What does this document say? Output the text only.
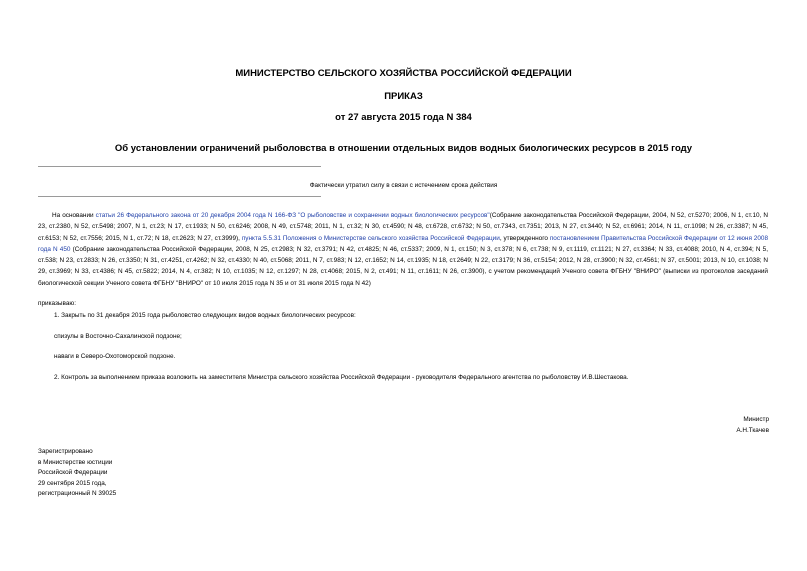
МИНИСТЕРСТВО СЕЛЬСКОГО ХОЗЯЙСТВА РОССИЙСКОЙ ФЕДЕРАЦИИ
ПРИКАЗ
от 27 августа 2015 года N 384
Об установлении ограничений рыболовства в отношении отдельных видов водных биологических ресурсов в 2015 году
Фактически утратил силу в связи с истечением срока действия
На основании статьи 26 Федерального закона от 20 декабря 2004 года N 166-ФЗ "О рыболовстве и сохранении водных биологических ресурсов"(Собрание законодательства Российской Федерации, 2004, N 52, ст.5270; 2006, N 1, ст.10, N 23, ст.2380, N 52, ст.5498; 2007, N 1, ст.23; N 17, ст.1933; N 50, ст.6246; 2008, N 49, ст.5748; 2011, N 1, ст.32; N 30, ст.4590; N 48, ст.6728, ст.6732; N 50, ст.7343, ст.7351; 2013, N 27, ст.3440; N 52, ст.6961; 2014, N 11, ст.1098; N 26, ст.3387; N 45, ст.6153; N 52, ст.7556; 2015, N 1, ст.72; N 18, ст.2623; N 27, ст.3999), пункта 5.5.31 Положения о Министерстве сельского хозяйства Российской Федерации, утвержденного постановлением Правительства Российской Федерации от 12 июня 2008 года N 450 (Собрание законодательства Российской Федерации, 2008, N 25, ст.2983; N 32, ст.3791; N 42, ст.4825; N 46, ст.5337; 2009, N 1, ст.150; N 3, ст.378; N 6, ст.738; N 9, ст.1119, ст.1121; N 27, ст.3364; N 33, ст.4088; 2010, N 4, ст.394; N 5, ст.538; N 23, ст.2833; N 26, ст.3350; N 31, ст.4251, ст.4262; N 32, ст.4330; N 40, ст.5068; 2011, N 7, ст.983; N 12, ст.1652; N 14, ст.1935; N 18, ст.2649; N 22, ст.3179; N 36, ст.5154; 2012, N 28, ст.3900; N 32, ст.4561; N 37, ст.5001; 2013, N 10, ст.1038; N 29, ст.3969; N 33, ст.4386; N 45, ст.5822; 2014, N 4, ст.382; N 10, ст.1035; N 12, ст.1297; N 28, ст.4068; 2015, N 2, ст.491; N 11, ст.1611; N 26, ст.3900), с учетом рекомендаций Ученого совета ФГБНУ "ВНИРО" (выписки из протоколов заседаний биологической секции Ученого совета ФГБНУ "ВНИРО" от 10 июля 2015 года N 35 и от 31 июля 2015 года N 42)
приказываю:
1. Закрыть по 31 декабря 2015 года рыболовство следующих видов водных биологических ресурсов:
спизулы в Восточно-Сахалинской подзоне;
наваги в Северо-Охотоморской подзоне.
2. Контроль за выполнением приказа возложить на заместителя Министра сельского хозяйства Российской Федерации - руководителя Федерального агентства по рыболовству И.В.Шестакова.
Министр
А.Н.Ткачев
Зарегистрировано
в Министерстве юстиции
Российской Федерации
29 сентября 2015 года,
регистрационный N 39025
